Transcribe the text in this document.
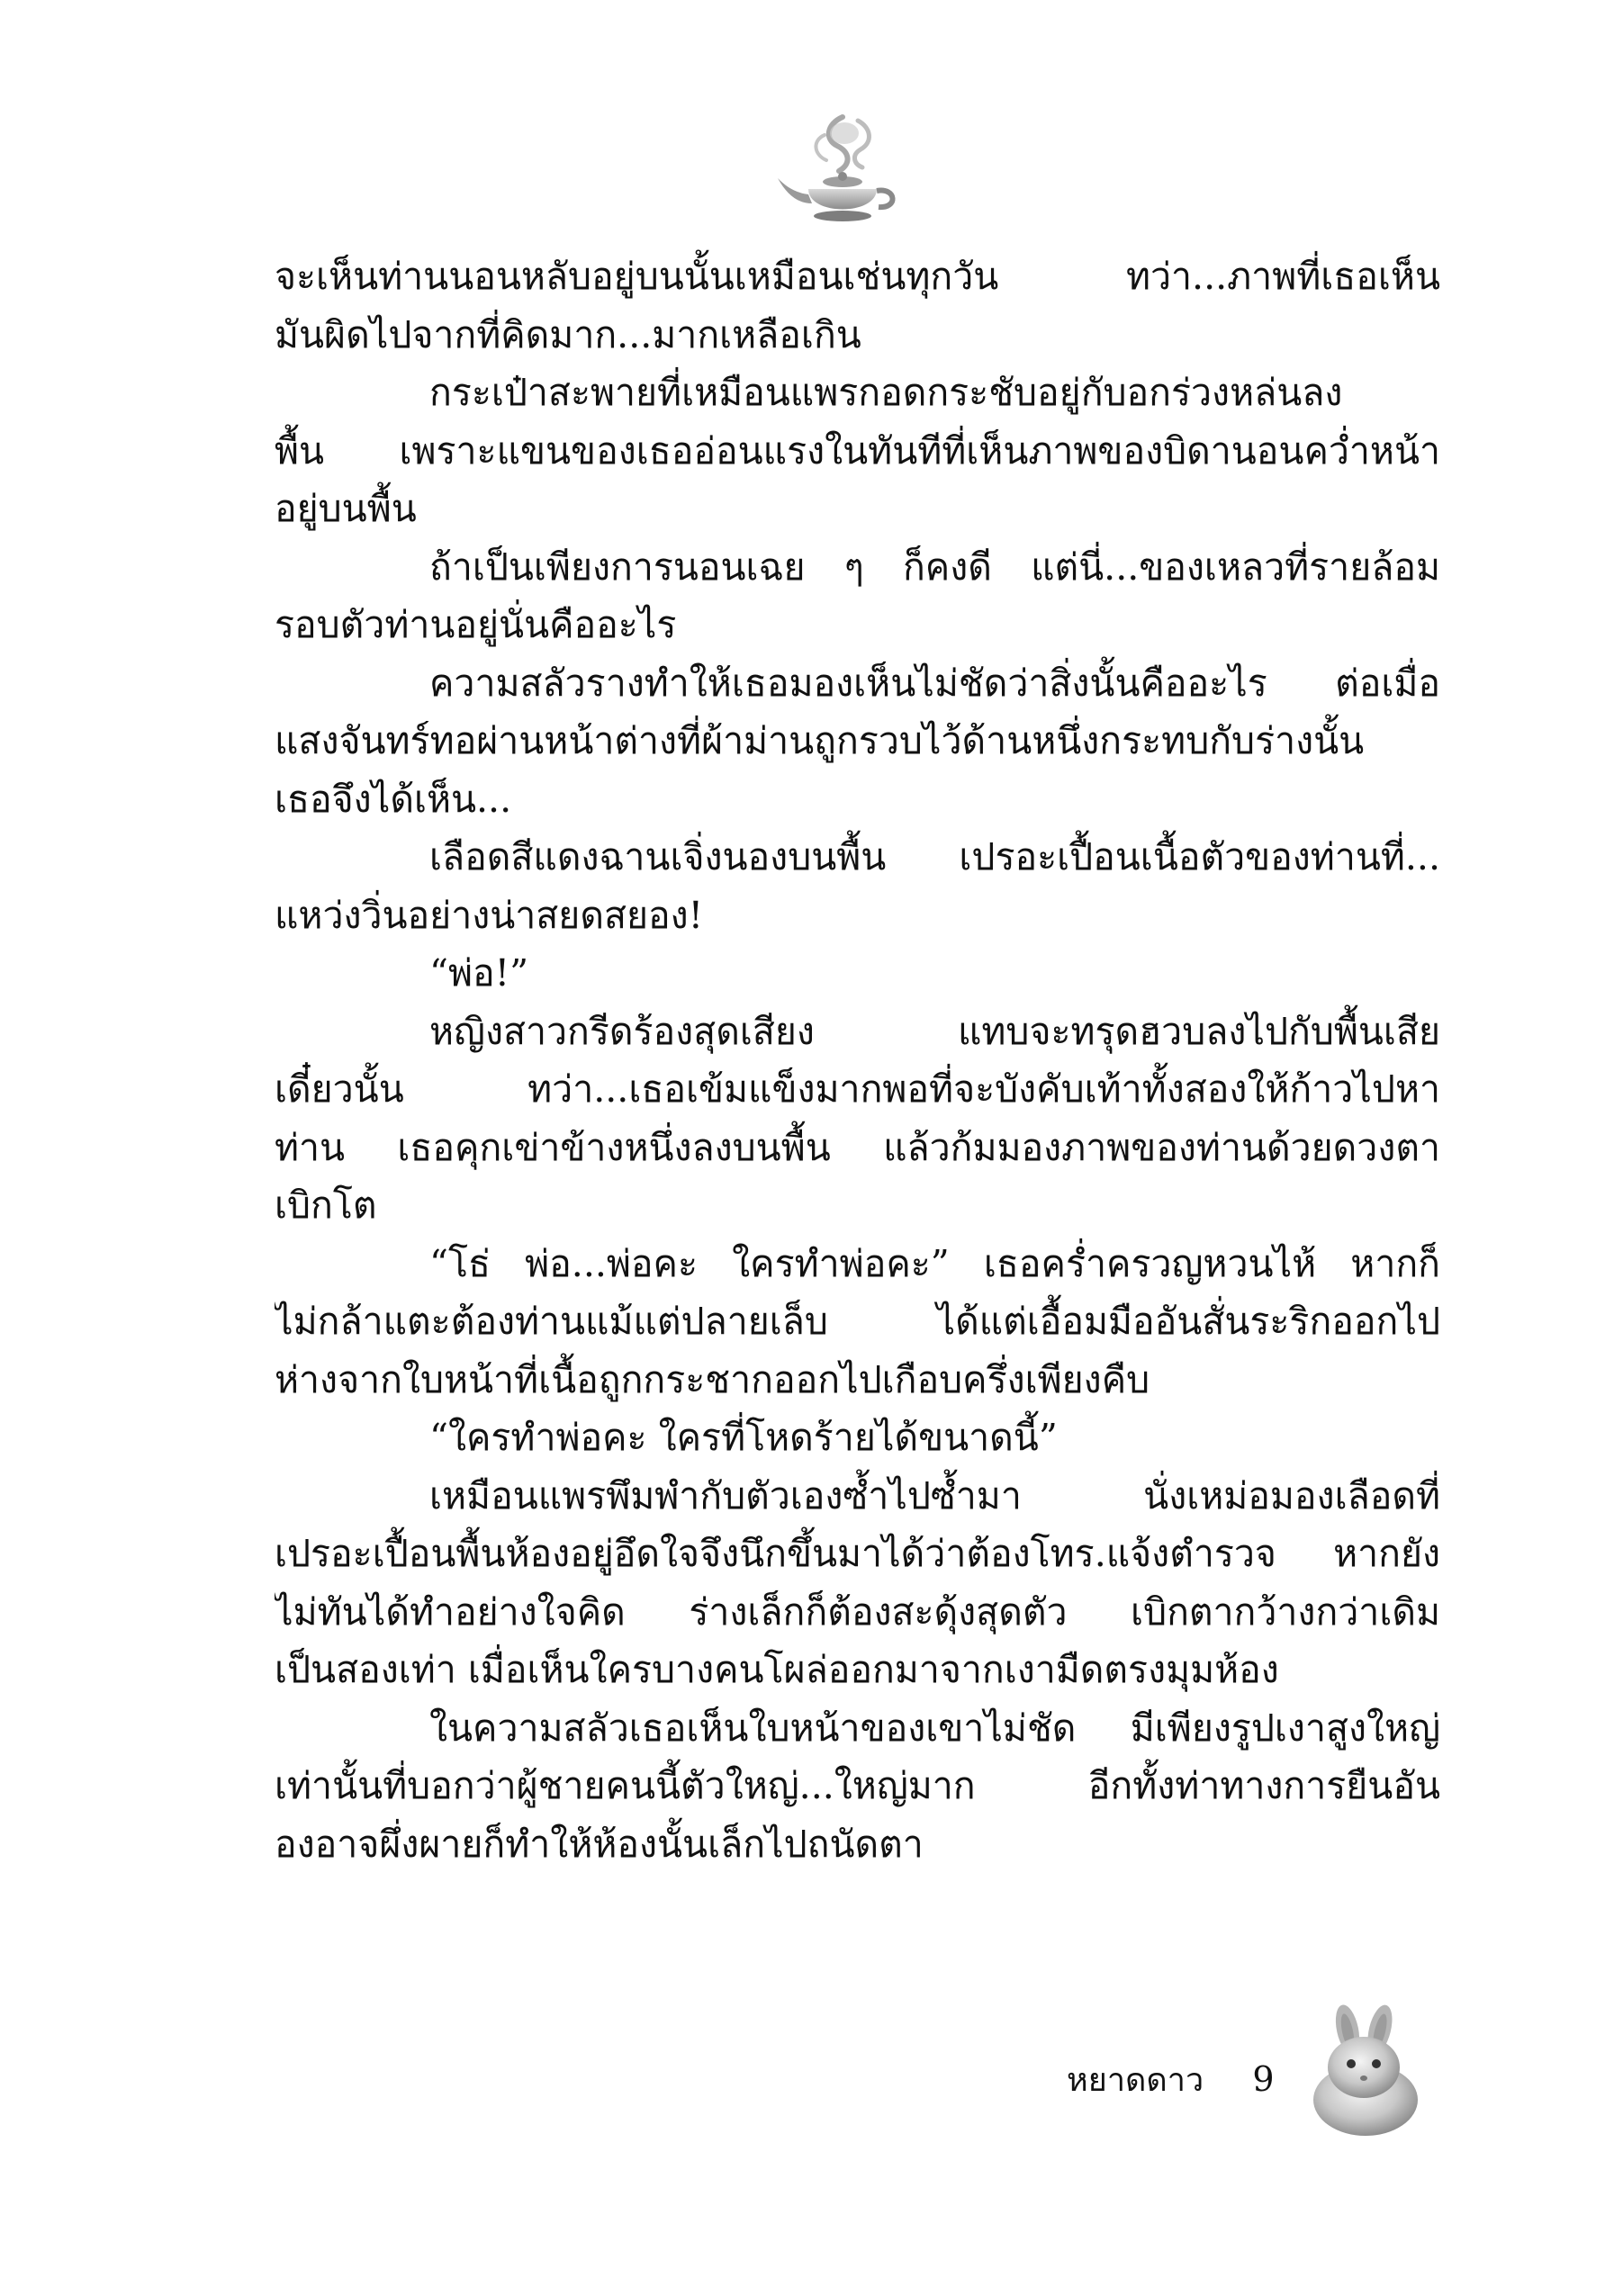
จะเห็นท่านนอนหลับอยู่บนนั้นเหมือนเช่นทุกวัน ทว่า...ภาพที่เธอเห็น
มันผิดไปจากที่คิดมาก...มากเหลือเกิน
กระเป๋าสะพายที่เหมือนแพรกอดกระชับอยู่กับอกร่วงหล่นลง
พื้น เพราะแขนของเธออ่อนแรงในทันทีที่เห็นภาพของบิดานอนคว่ำหน้า
อยู่บนพื้น
ถ้าเป็นเพียงการนอนเฉย ๆ ก็คงดี แต่นี่...ของเหลวที่รายล้อม
รอบตัวท่านอยู่นั่นคืออะไร
ความสลัวรางทำให้เธอมองเห็นไม่ชัดว่าสิ่งนั้นคืออะไร ต่อเมื่อ
แสงจันทร์ทอผ่านหน้าต่างที่ผ้าม่านถูกรวบไว้ด้านหนึ่งกระทบกับร่างนั้น
เธอจึงได้เห็น...
เลือดสีแดงฉานเจิ่งนองบนพื้น เปรอะเปื้อนเนื้อตัวของท่านที่...
แหว่งวิ่นอย่างน่าสยดสยอง!
“พ่อ!”
หญิงสาวกรีดร้องสุดเสียง แทบจะทรุดฮวบลงไปกับพื้นเสีย
เดี๋ยวนั้น ทว่า...เธอเข้มแข็งมากพอที่จะบังคับเท้าทั้งสองให้ก้าวไปหา
ท่าน เธอคุกเข่าข้างหนึ่งลงบนพื้น แล้วก้มมองภาพของท่านด้วยดวงตา
เบิกโต
“โธ่ พ่อ...พ่อคะ ใครทำพ่อคะ” เธอคร่ำครวญหวนไห้ หากก็
ไม่กล้าแตะต้องท่านแม้แต่ปลายเล็บ ได้แต่เอื้อมมืออันสั่นระริกออกไป
ห่างจากใบหน้าที่เนื้อถูกกระชากออกไปเกือบครึ่งเพียงคืบ
“ใครทำพ่อคะ ใครที่โหดร้ายได้ขนาดนี้”
เหมือนแพรพึมพำกับตัวเองซ้ำไปซ้ำมา นั่งเหม่อมองเลือดที่
เปรอะเปื้อนพื้นห้องอยู่อึดใจจึงนึกขึ้นมาได้ว่าต้องโทร.แจ้งตำรวจ หากยัง
ไม่ทันได้ทำอย่างใจคิด ร่างเล็กก็ต้องสะดุ้งสุดตัว เบิกตากว้างกว่าเดิม
เป็นสองเท่า เมื่อเห็นใครบางคนโผล่ออกมาจากเงามืดตรงมุมห้อง
ในความสลัวเธอเห็นใบหน้าของเขาไม่ชัด มีเพียงรูปเงาสูงใหญ่
เท่านั้นที่บอกว่าผู้ชายคนนี้ตัวใหญ่...ใหญ่มาก อีกทั้งท่าทางการยืนอัน
องอาจผึ่งผายก็ทำให้ห้องนั้นเล็กไปถนัดตา
หยาดดาว 9
